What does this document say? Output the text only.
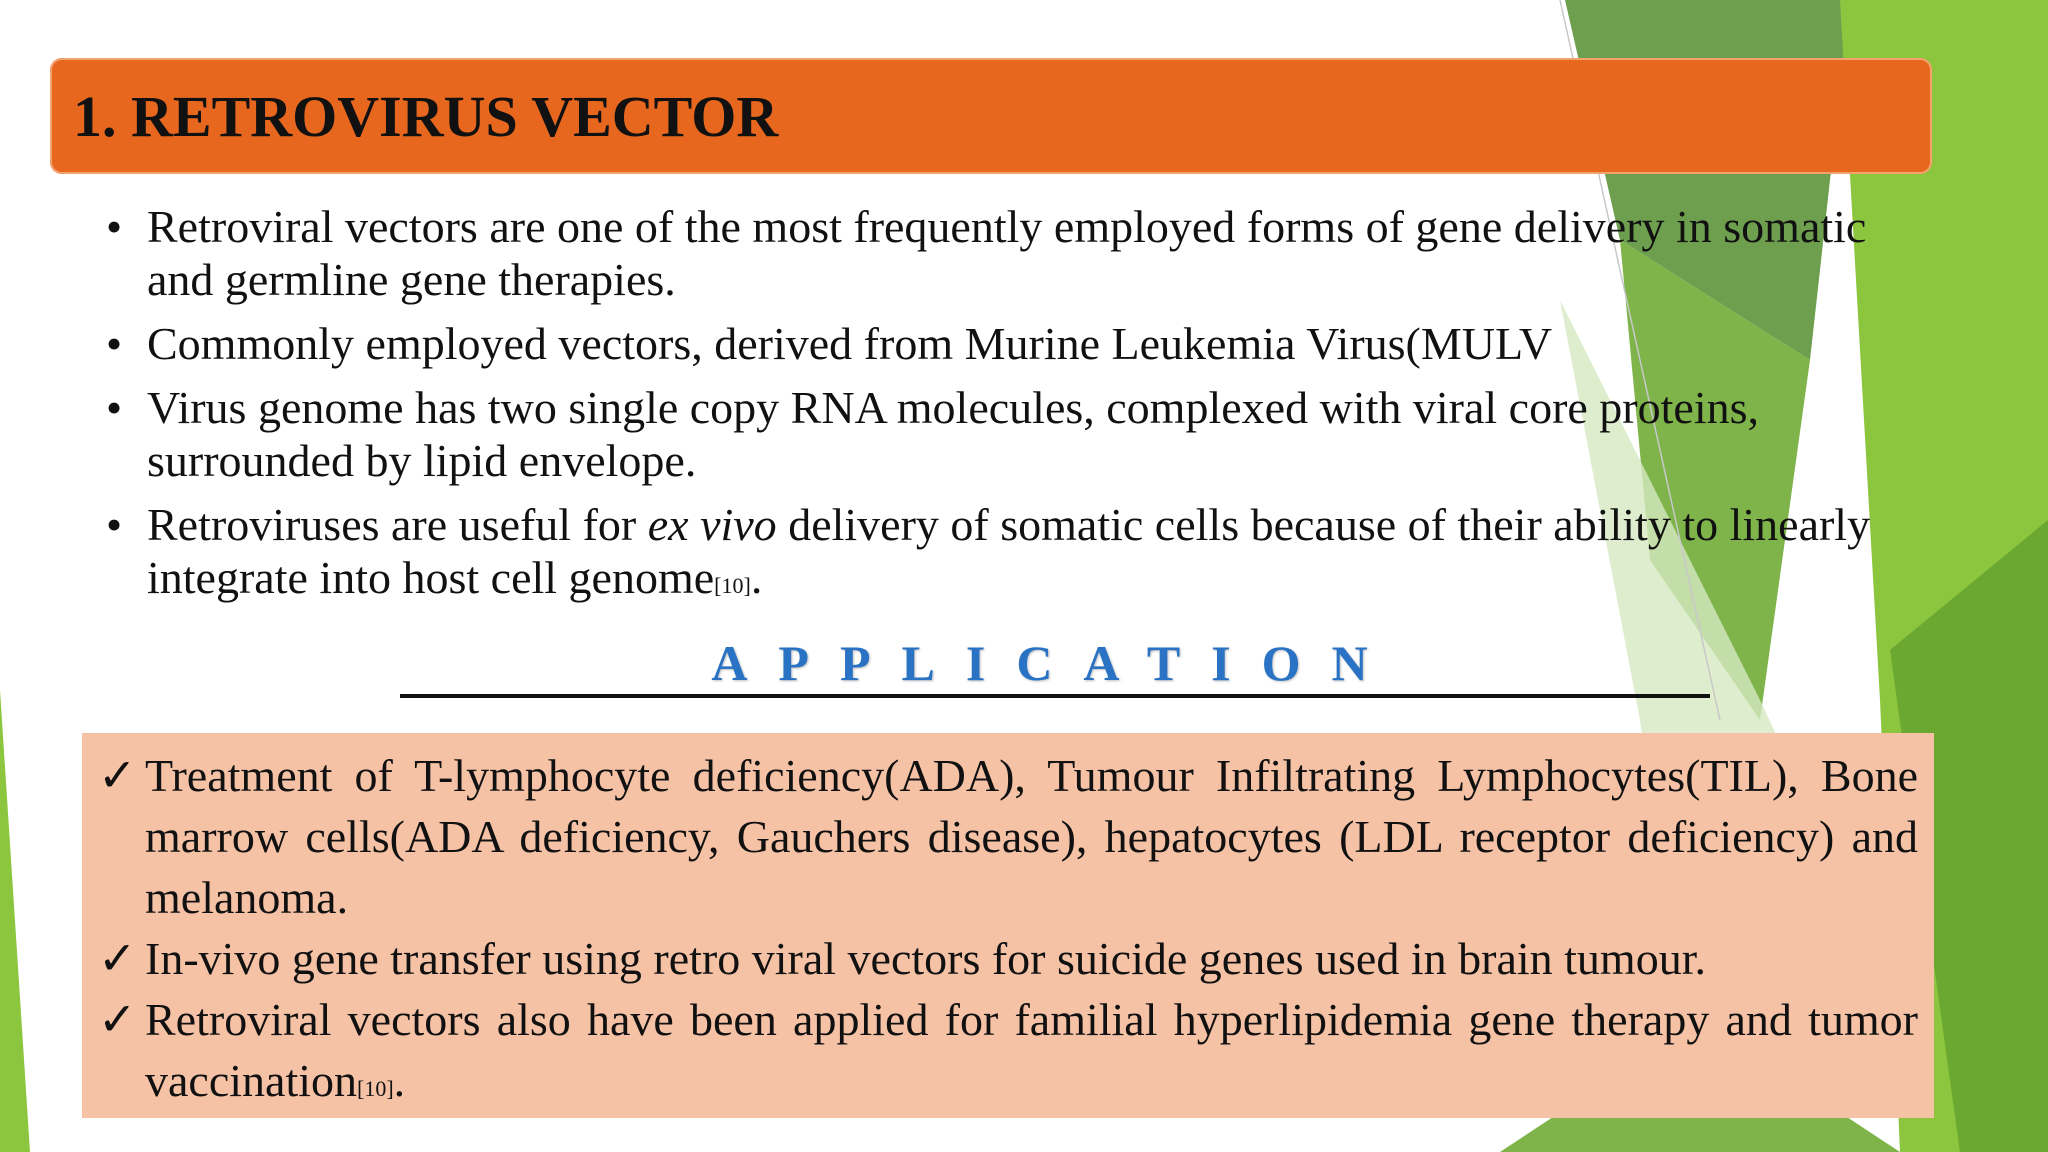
1. RETROVIRUS VECTOR
• Retroviral vectors are one of the most frequently employed forms of gene delivery in somatic and germline gene therapies.
• Commonly employed vectors, derived from Murine Leukemia Virus(MULV
• Virus genome has two single copy RNA molecules, complexed with viral core proteins, surrounded by lipid envelope.
• Retroviruses are useful for ex vivo delivery of somatic cells because of their ability to linearly integrate into host cell genome[10].
APPLICATION
✓ Treatment of T-lymphocyte deficiency(ADA), Tumour Infiltrating Lymphocytes(TIL), Bone marrow cells(ADA deficiency, Gauchers disease), hepatocytes (LDL receptor deficiency) and melanoma.
✓ In-vivo gene transfer using retro viral vectors for suicide genes used in brain tumour.
✓ Retroviral vectors also have been applied for familial hyperlipidemia gene therapy and tumor vaccination[10].
